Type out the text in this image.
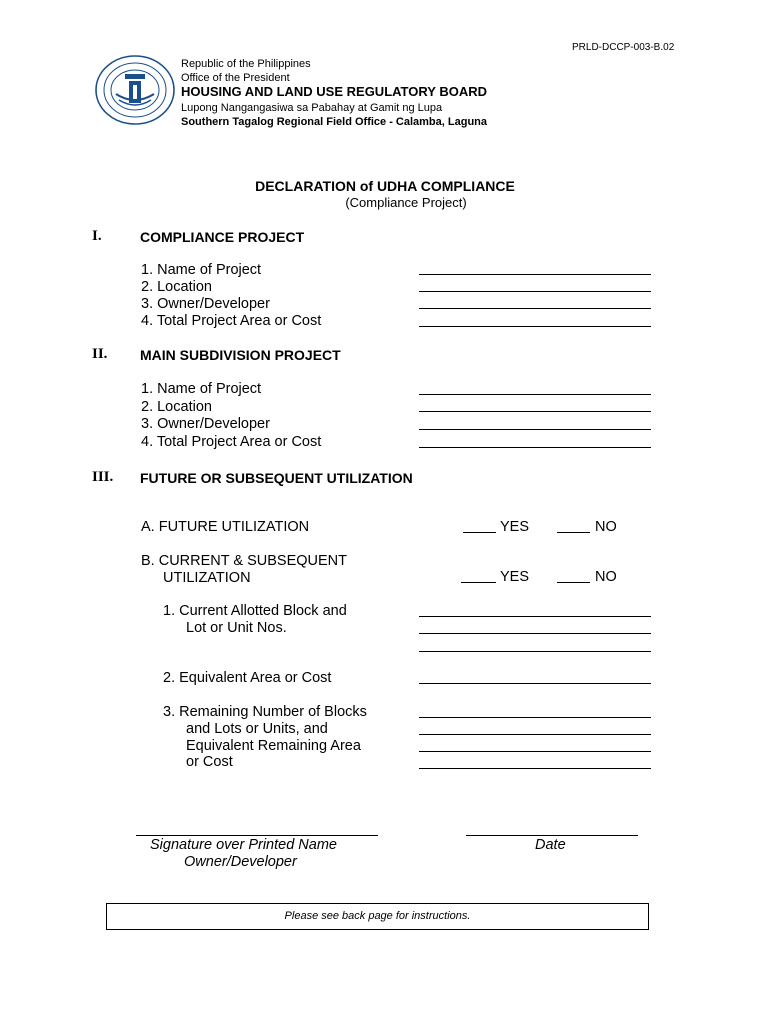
PRLD-DCCP-003-B.02
Republic of the Philippines
Office of the President
HOUSING AND LAND USE REGULATORY BOARD
Lupong Nangangasiwa sa Pabahay at Gamit ng Lupa
Southern Tagalog Regional Field Office - Calamba, Laguna
DECLARATION of UDHA COMPLIANCE
(Compliance Project)
I.	COMPLIANCE PROJECT
1. Name of Project
2. Location
3. Owner/Developer
4. Total Project Area or Cost
II. MAIN SUBDIVISION PROJECT
1. Name of Project
2. Location
3. Owner/Developer
4. Total Project Area or Cost
III. FUTURE OR SUBSEQUENT UTILIZATION
A. FUTURE UTILIZATION	YES	NO
B. CURRENT & SUBSEQUENT
UTILIZATION	YES	NO
1. Current Allotted Block and
Lot or Unit Nos.
2. Equivalent Area or Cost
3. Remaining Number of Blocks
and Lots or Units, and
Equivalent Remaining Area
or Cost
Signature over Printed Name
Owner/Developer
Date
Please see back page for instructions.
